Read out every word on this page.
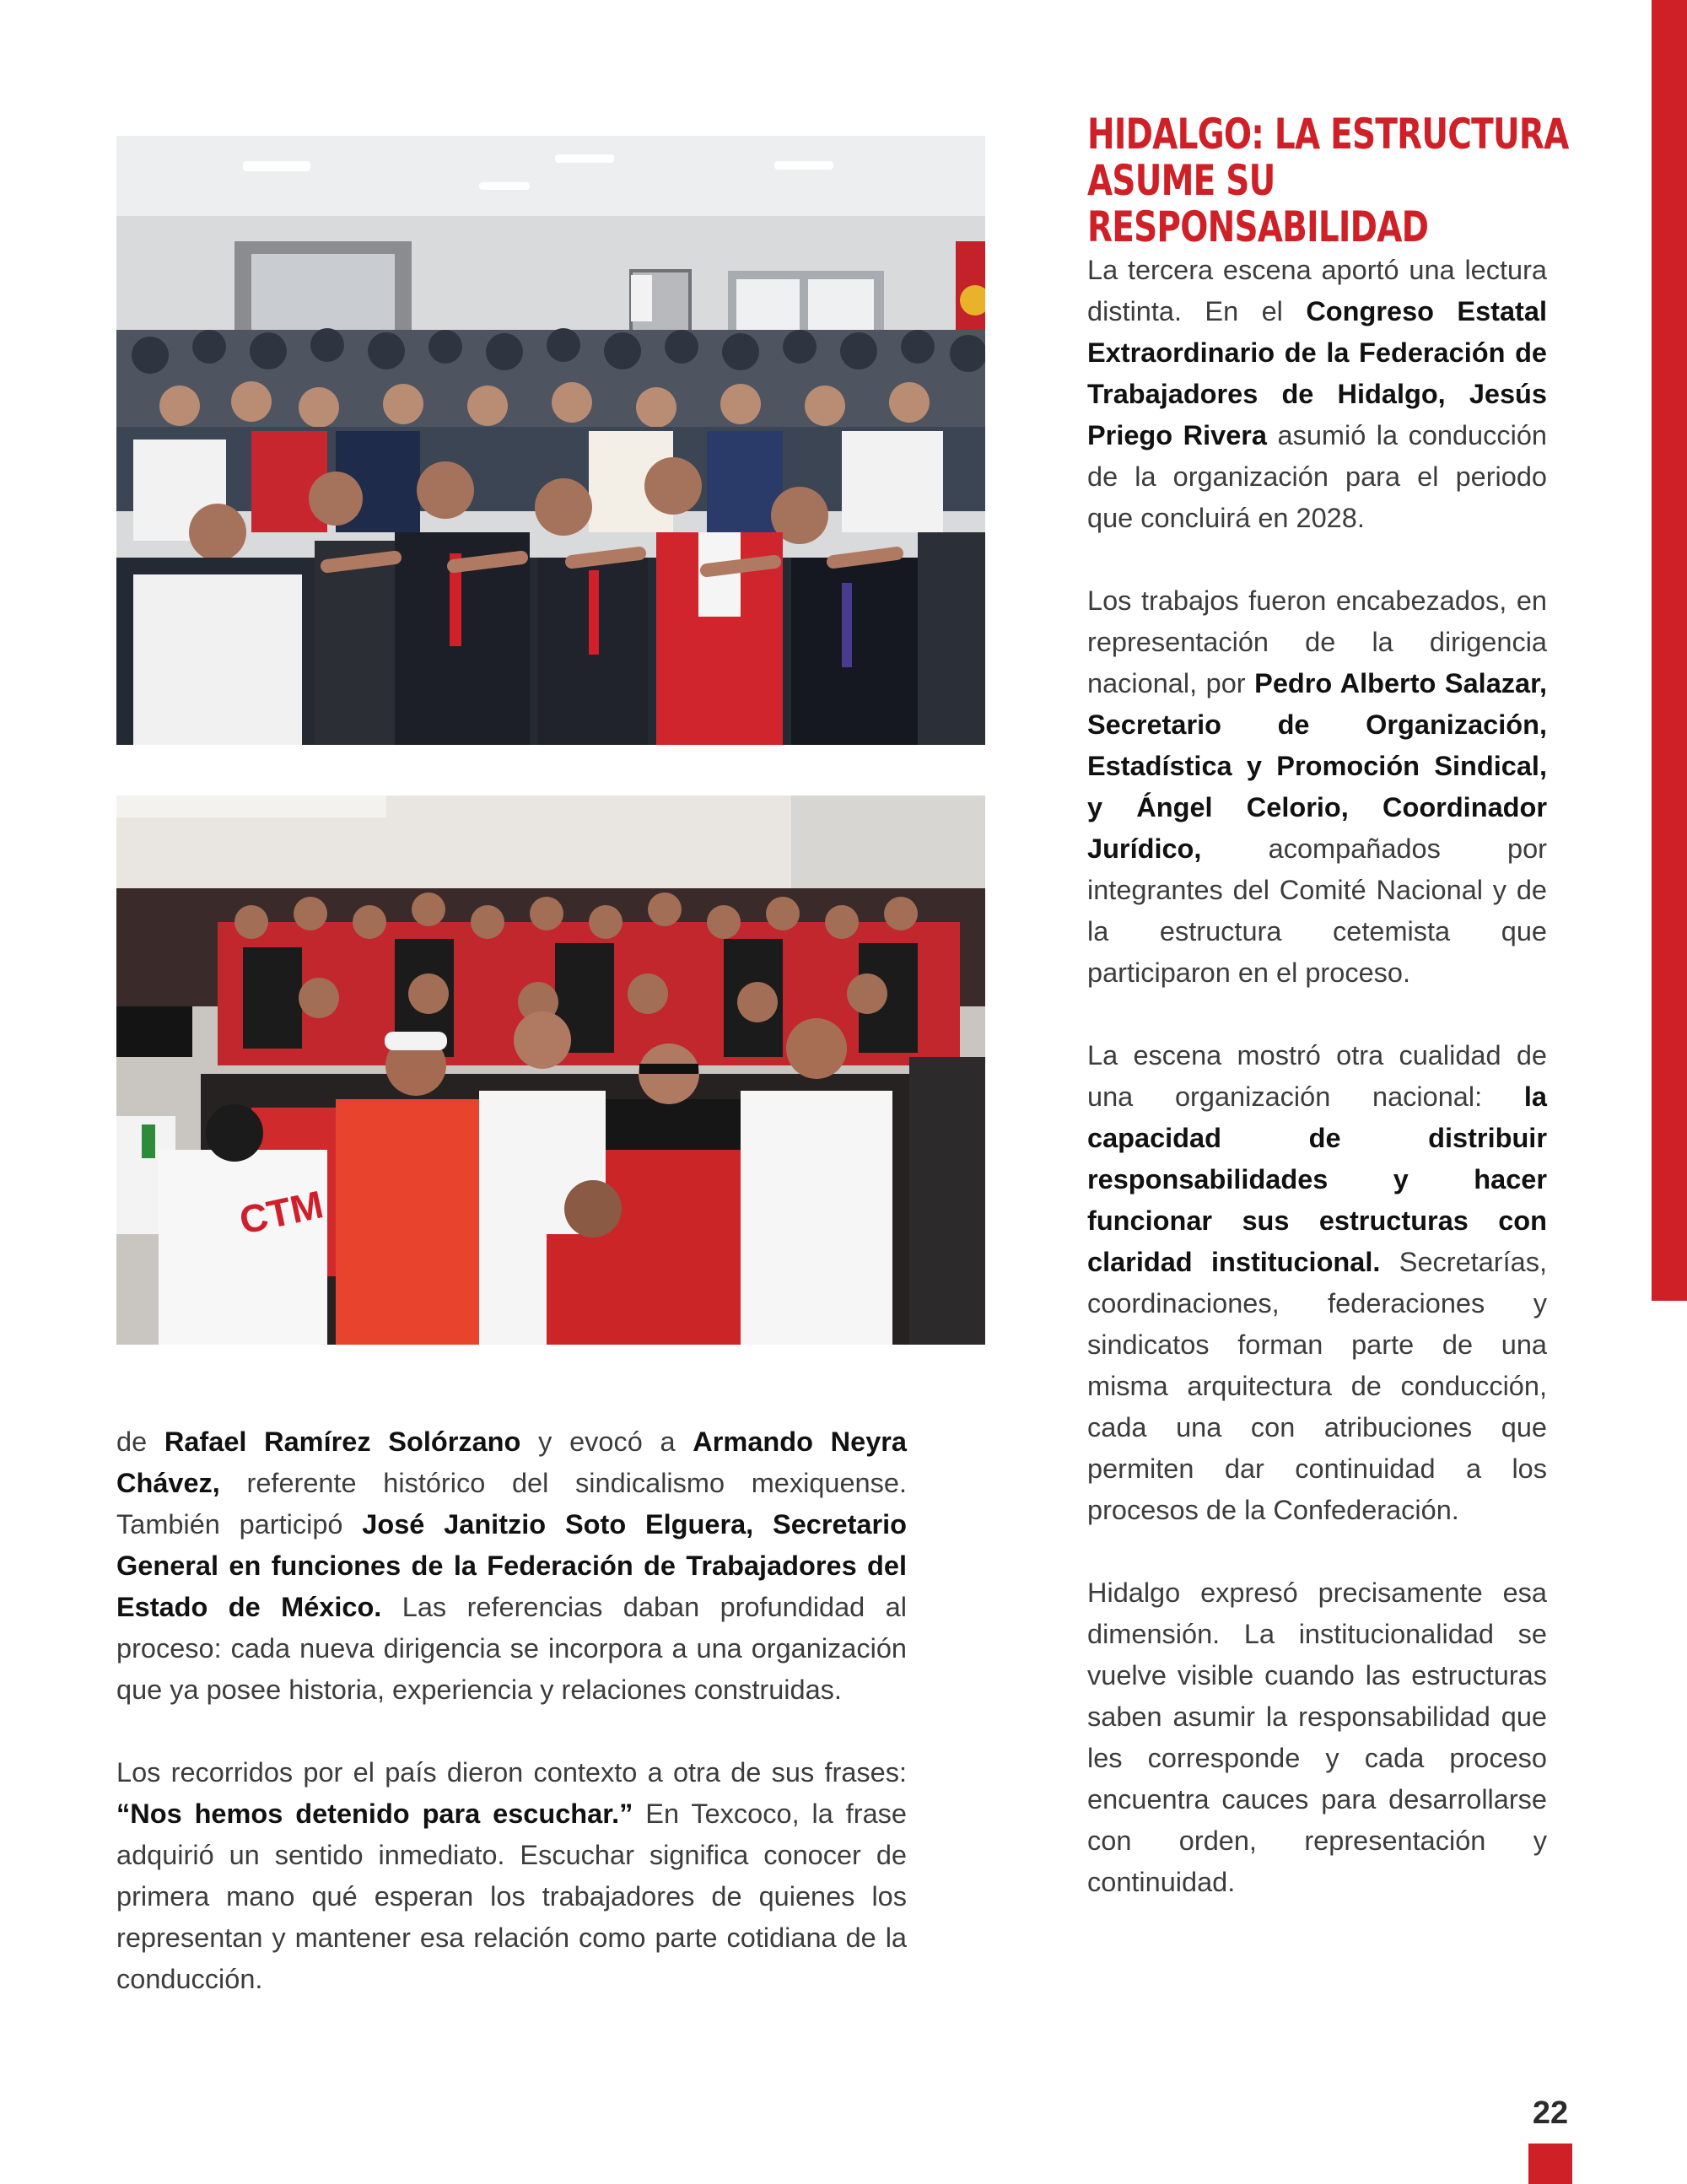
CTM
HIDALGO: LA ESTRUCTURA
ASUME SU RESPONSABILIDAD

La tercera escena aportó una lectura distinta. En el Congreso Estatal Extraordinario de la Federación de Trabajadores de Hidalgo, Jesús Priego Rivera asumió la conducción de la organización para el periodo que concluirá en 2028.

Los trabajos fueron encabezados, en representación de la dirigencia nacional, por Pedro Alberto Salazar, Secretario de Organización, Estadística y Promoción Sindical, y Ángel Celorio, Coordinador Jurídico, acompañados por integrantes del Comité Nacional y de la estructura cetemista que participaron en el proceso.

La escena mostró otra cualidad de una organización nacional: la capacidad de distribuir responsabilidades y hacer funcionar sus estructuras con claridad institucional. Secretarías, coordinaciones, federaciones y sindicatos forman parte de una misma arquitectura de conducción, cada una con atribuciones que permiten dar continuidad a los procesos de la Confederación.

Hidalgo expresó precisamente esa dimensión. La institucionalidad se vuelve visible cuando las estructuras saben asumir la responsabilidad que les corresponde y cada proceso encuentra cauces para desarrollarse con orden, representación y continuidad.

de Rafael Ramírez Solórzano y evocó a Armando Neyra Chávez, referente histórico del sindicalismo mexiquense. También participó José Janitzio Soto Elguera, Secretario General en funciones de la Federación de Trabajadores del Estado de México. Las referencias daban profundidad al proceso: cada nueva dirigencia se incorpora a una organización que ya posee historia, experiencia y relaciones construidas.

Los recorridos por el país dieron contexto a otra de sus frases: “Nos hemos detenido para escuchar.” En Texcoco, la frase adquirió un sentido inmediato. Escuchar significa conocer de primera mano qué esperan los trabajadores de quienes los representan y mantener esa relación como parte cotidiana de la conducción.

22
